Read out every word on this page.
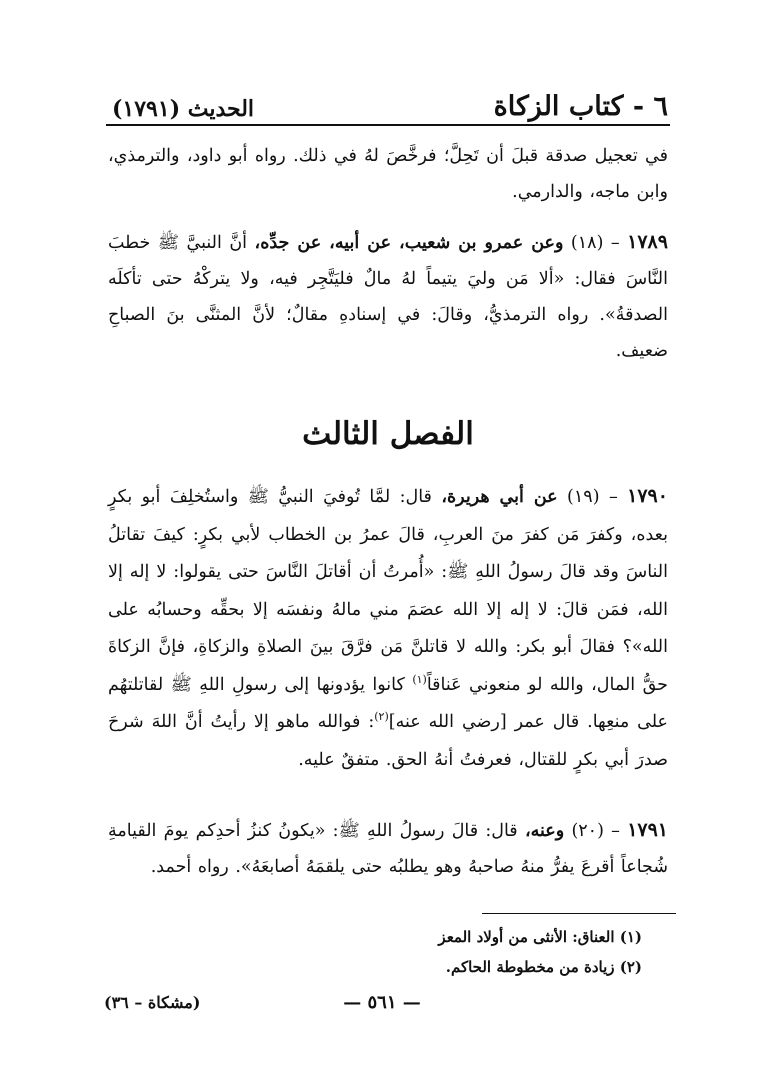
٦ - كتاب الزكاة
الحديث (١٧٩١)
في تعجيل صدقة قبلَ أن تَحِلَّ؛ فرخَّصَ لهُ في ذلك. رواه أبو داود، والترمذي، وابن ماجه، والدارمي.
١٧٨٩ – (١٨) وعن عمرو بن شعيب، عن أبيه، عن جدِّه، أنَّ النبيَّ ﷺ خطبَ النَّاسَ فقال: «ألا مَن وليَ يتيماً لهُ مالٌ فليَتَّجِر فيه، ولا يتركْهُ حتى تأكلَه الصدقةُ». رواه الترمذيُّ، وقالَ: في إسنادهِ مقالٌ؛ لأنَّ المثنَّى بنَ الصباحِ ضعيف.
الفصل الثالث
١٧٩٠ – (١٩) عن أبي هريرة، قال: لمَّا تُوفيَ النبيُّ ﷺ واستُخلِفَ أبو بكرٍ بعده، وكفرَ مَن كفرَ منَ العربِ، قالَ عمرُ بن الخطاب لأبي بكرٍ: كيفَ تقاتلُ الناسَ وقد قالَ رسولُ اللهِ ﷺ: «أُمرتُ أن أقاتلَ النَّاسَ حتى يقولوا: لا إله إلا الله، فمَن قالَ: لا إله إلا الله عصَمَ مني مالهُ ونفسَه إلا بحقِّه وحسابُه على الله»؟ فقالَ أبو بكر: والله لا قاتلنَّ مَن فرَّقَ بينَ الصلاةِ والزكاةِ، فإنَّ الزكاةَ حقُّ المال، والله لو منعوني عَناقاً$^{(١)}$ كانوا يؤدونها إلى رسولِ اللهِ ﷺ لقاتلتهُم على منعِها. قال عمر [رضي الله عنه]$^{(٢)}$: فوالله ماهو إلا رأيتُ أنَّ اللهَ شرحَ صدرَ أبي بكرٍ للقتال، فعرفتُ أنهُ الحق. متفقٌ عليه.
١٧٩١ – (٢٠) وعنه، قال: قالَ رسولُ اللهِ ﷺ: «يكونُ كنزُ أحدِكم يومَ القيامةِ شُجاعاً أقرعَ يفرُّ منهُ صاحبهُ وهو يطلبُه حتى يلقمَهُ أصابعَهُ». رواه أحمد.
(١) العناق: الأنثى من أولاد المعز
(٢) زيادة من مخطوطة الحاكم.
— ٥٦١ —
(مشكاة – ٣٦)
